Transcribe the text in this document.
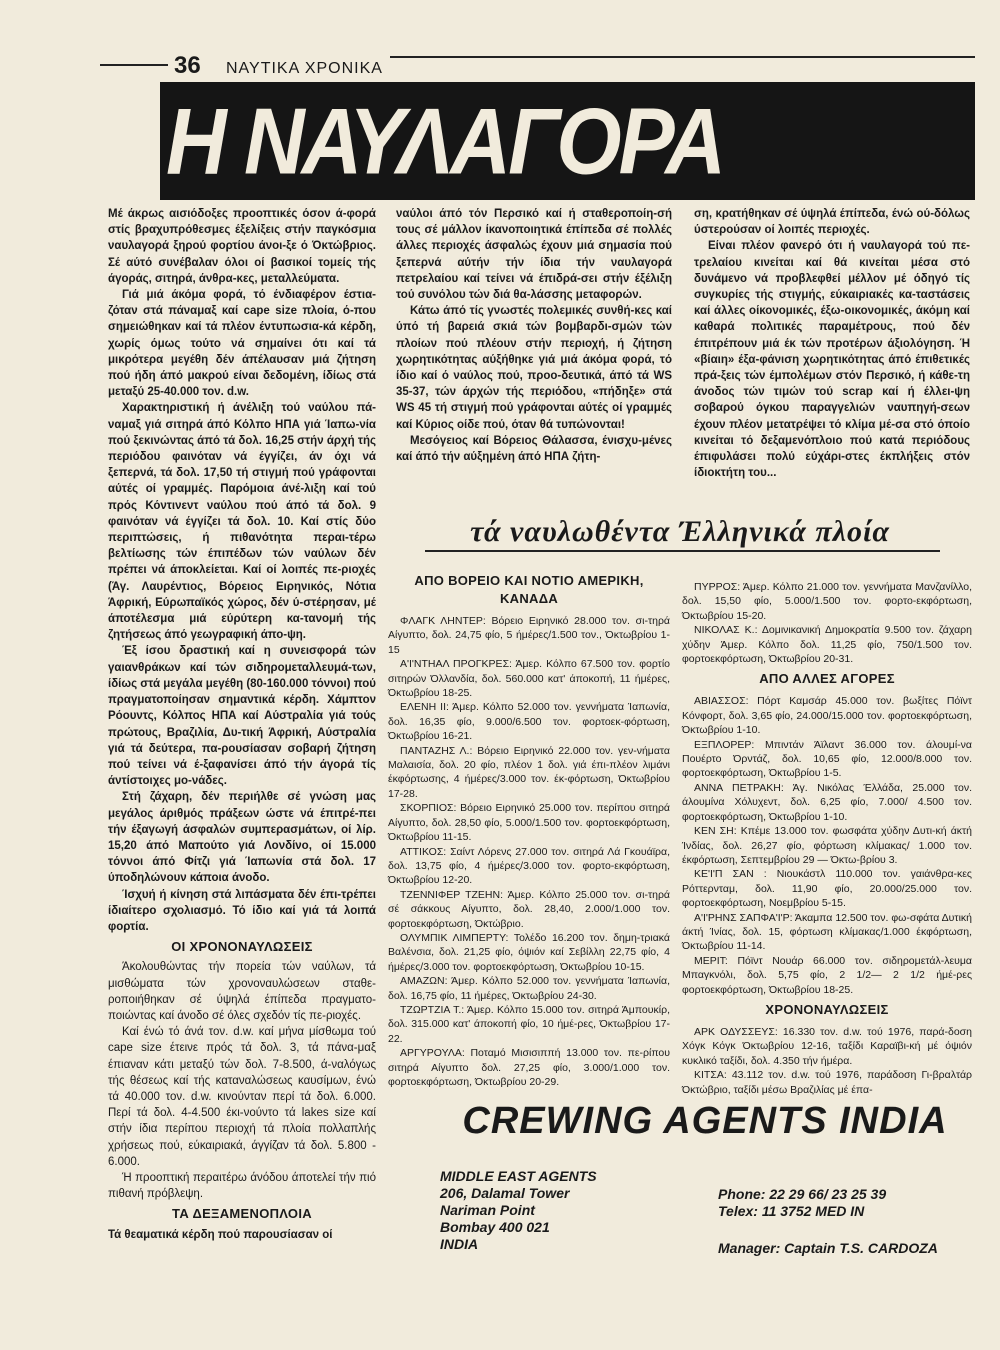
36 ΝΑΥΤΙΚΑ ΧΡΟΝΙΚΑ
Η ΝΑΥΛΑΓΟΡΑ

Μέ άκρως αισιόδοξες προοπτικές όσον ά-φορά στίς βραχυπρόθεσμες έξελίξεις στήν παγκόσμια ναυλαγορά ξηρού φορτίου άνοι-ξε ό Όκτώβριος. Σέ αύτό συνέβαλαν όλοι οί βασικοί τομείς τής άγοράς, σιτηρά, άνθρα-κες, μεταλλεύματα.

Γιά μιά άκόμα φορά, τό ένδιαφέρον έστια-ζόταν στά πάναμαξ καί cape size πλοία, ό-που σημειώθηκαν καί τά πλέον έντυπωσια-κά κέρδη, χωρίς όμως τούτο νά σημαίνει ότι καί τά μικρότερα μεγέθη δέν άπέλαυσαν μιά ζήτηση πού ήδη άπό μακρού είναι δεδομένη, ίδίως στά μεταξύ 25-40.000 τον. d.w.

Χαρακτηριστική ή άνέλιξη τού ναύλου πά-ναμαξ γιά σιτηρά άπό Κόλπο ΗΠΑ γιά Ίαπω-νία πού ξεκινώντας άπό τά δολ. 16,25 στήν άρχή τής περιόδου φαινόταν νά έγγίζει, άν όχι νά ξεπερνά, τά δολ. 17,50 τή στιγμή πού γράφονται αύτές οί γραμμές. Παρόμοια άνέ-λιξη καί τού πρός Κόντινεντ ναύλου πού άπό τά δολ. 9 φαινόταν νά έγγίζει τά δολ. 10. Καί στίς δύο περιπτώσεις, ή πιθανότητα περαι-τέρω βελτίωσης τών έπιπέδων τών ναύλων δέν πρέπει νά άποκλείεται. Καί οί λοιπές πε-ριοχές (Άγ. Λαυρέντιος, Βόρειος Ειρηνικός, Νότια Άφρική, Εύρωπαϊκός χώρος, δέν ύ-στέρησαν, μέ άποτέλεσμα μιά εύρύτερη κα-τανομή τής ζητήσεως άπό γεωγραφική άπο-ψη.

Έξ ίσου δραστική καί η συνεισφορά τών γαιανθράκων καί τών σιδηρομεταλλευμά-των, ίδίως στά μεγάλα μεγέθη (80-160.000 τόννοι) πού πραγματοποίησαν σημαντικά κέρδη. Χάμπτον Ρόουντς, Κόλπος ΗΠΑ καί Αύστραλία γιά τούς πρώτους, Βραζιλία, Δυ-τική Άφρική, Αύστραλία γιά τά δεύτερα, πα-ρουσίασαν σοβαρή ζήτηση πού τείνει νά έ-ξαφανίσει άπό τήν άγορά τίς άντίστοιχες μο-νάδες.

Στή ζάχαρη, δέν περιήλθε σέ γνώση μας μεγάλος άριθμός πράξεων ώστε νά έπιτρέ-πει τήν έξαγωγή άσφαλών συμπερασμάτων, οί λίρ. 15,20 άπό Μαπούτο γιά Λονδίνο, οί 15.000 τόννοι άπό Φίτζι γιά Ίαπωνία στά δολ. 17 ύποδηλώνουν κάποια άνοδο.

Ίσχυή ή κίνηση στά λιπάσματα δέν έπι-τρέπει ίδιαίτερο σχολιασμό. Τό ίδιο καί γιά τά λοιπά φορτία.

ΟΙ ΧΡΟΝΟΝΑΥΛΩΣΕΙΣ

Άκολουθώντας τήν πορεία τών ναύλων, τά μισθώματα τών χρονοναυλώσεων σταθε-ροποιήθηκαν σέ ύψηλά έπίπεδα πραγματο-ποιώντας καί άνοδο σέ όλες σχεδόν τίς πε-ριοχές.

Καί ένώ τό άνά τον. d.w. καί μήνα μίσθωμα τού cape size έτεινε πρός τά δολ. 3, τά πάνα-μαξ έπιαναν κάτι μεταξύ τών δολ. 7-8.500, ά-ναλόγως τής θέσεως καί τής καταναλώσεως καυσίμων, ένώ τά 40.000 τον. d.w. κινούνταν περί τά δολ. 6.000. Περί τά δολ. 4-4.500 έκι-νούντο τά lakes size καί στήν ίδια περίπου περιοχή τά πλοία πολλαπλής χρήσεως πού, εύκαιριακά, άγγίζαν τά δολ. 5.800 - 6.000.

Ή προοπτική περαιτέρω άνόδου άποτελεί τήν πιό πιθανή πρόβλεψη.

ΤΑ ΔΕΞΑΜΕΝΟΠΛΟΙΑ

Τά θεαματικά κέρδη πού παρουσίασαν οί

ναύλοι άπό τόν Περσικό καί ή σταθεροποίη-σή τους σέ μάλλον ίκανοποιητικά έπίπεδα σέ πολλές άλλες περιοχές άσφαλώς έχουν μιά σημασία πού ξεπερνά αύτήν τήν ίδια τήν ναυλαγορά πετρελαίου καί τείνει νά έπιδρά-σει στήν έξέλιξη τού συνόλου τών διά θα-λάσσης μεταφορών.

Κάτω άπό τίς γνωστές πολεμικές συνθή-κες καί ύπό τή βαρειά σκιά τών βομβαρδι-σμών τών πλοίων πού πλέουν στήν περιοχή, ή ζήτηση χωρητικότητας αύξήθηκε γιά μιά άκόμα φορά, τό ίδιο καί ό ναύλος πού, προο-δευτικά, άπό τά WS 35-37, τών άρχών τής περιόδου, «πήδηξε» στά WS 45 τή στιγμή πού γράφονται αύτές οί γραμμές καί Κύριος οίδε πού, όταν θά τυπώνονται!

Μεσόγειος καί Βόρειος Θάλασσα, ένισχυ-μένες καί άπό τήν αύξημένη άπό ΗΠΑ ζήτη-

ση, κρατήθηκαν σέ ύψηλά έπίπεδα, ένώ ού-δόλως ύστερούσαν οί λοιπές περιοχές.

Είναι πλέον φανερό ότι ή ναυλαγορά τού πε-τρελαίου κινείται καί θά κινείται μέσα στό δυνάμενο νά προβλεφθεί μέλλον μέ όδηγό τίς συγκυρίες τής στιγμής, εύκαιριακές κα-ταστάσεις καί άλλες οίκονομικές, έξω-οικονομικές, άκόμη καί καθαρά πολιτικές παραμέτρους, πού δέν έπιτρέπουν μιά έκ τών προτέρων άξιολόγηση. Ή «βίαιη» έξα-φάνιση χωρητικότητας άπό έπιθετικές πρά-ξεις τών έμπολέμων στόν Περσικό, ή κάθε-τη άνοδος τών τιμών τού scrap καί ή έλλει-ψη σοβαρού όγκου παραγγελιών ναυπηγή-σεων έχουν πλέον μετατρέψει τό κλίμα μέ-σα στό όποίο κινείται τό δεξαμενόπλοιο πού κατά περιόδους έπιφυλάσει πολύ εύχάρι-στες έκπλήξεις στόν ίδιοκτήτη του...

τά ναυλωθέντα Έλληνικά πλοία
ΑΠΟ ΒΟΡΕΙΟ ΚΑΙ ΝΟΤΙΟ ΑΜΕΡΙΚΗ, ΚΑΝΑΔΑ

ΦΛΑΓΚ ΛΗΝΤΕΡ: Βόρειο Ειρηνικό 28.000 τον. σι-τηρά Αίγυπτο, δολ. 24,75 φίο, 5 ήμέρες/1.500 τον., Όκτωβρίου 1-15

Α'Ι'ΝΤΗΑΛ ΠΡΟΓΚΡΕΣ: Άμερ. Κόλπο 67.500 τον. φορτίο σιτηρών Όλλανδία, δολ. 560.000 κατ' άποκοπή, 11 ήμέρες, Όκτωβρίου 18-25.

ΕΛΕΝΗ ΙΙ: Άμερ. Κόλπο 52.000 τον. γεννήματα Ίαπωνία, δολ. 16,35 φίο, 9.000/6.500 τον. φορτοεκ-φόρτωση, Όκτωβρίου 16-21.

ΠΑΝΤΑΖΗΣ Λ.: Βόρειο Ειρηνικό 22.000 τον. γεν-νήματα Μαλαισία, δολ. 20 φίο, πλέον 1 δολ. γιά έπι-πλέον λιμάνι έκφόρτωσης, 4 ήμέρες/3.000 τον. έκ-φόρτωση, Όκτωβρίου 17-28.

ΣΚΟΡΠΙΟΣ: Βόρειο Ειρηνικό 25.000 τον. περίπου σιτηρά Αίγυπτο, δολ. 28,50 φίο, 5.000/1.500 τον. φορτοεκφόρτωση, Όκτωβρίου 11-15.

ΑΤΤΙΚΟΣ: Σαίντ Λόρενς 27.000 τον. σιτηρά Λά Γκουάϊρα, δολ. 13,75 φίο, 4 ήμέρες/3.000 τον. φορτο-εκφόρτωση, Όκτωβρίου 12-20.

ΤΖΕΝΝΙΦΕΡ ΤΖΕΗΝ: Άμερ. Κόλπο 25.000 τον. σι-τηρά σέ σάκκους Αίγυπτο, δολ. 28,40, 2.000/1.000 τον. φορτοεκφόρτωση, Όκτώβριο.

ΟΛΥΜΠΙΚ ΛΙΜΠΕΡΤΥ: Τολέδο 16.200 τον. δημη-τριακά Βαλένσια, δολ. 21,25 φίο, όψιόν καί Σεβίλλη 22,75 φίο, 4 ήμέρες/3.000 τον. φορτοεκφόρτωση, Όκτωβρίου 10-15.

ΑΜΑΖΩΝ: Άμερ. Κόλπο 52.000 τον. γεννήματα Ίαπωνία, δολ. 16,75 φίο, 11 ήμέρες, Όκτωβρίου 24-30.

ΤΖΩΡΤΖΙΑ Τ.: Άμερ. Κόλπο 15.000 τον. σιτηρά Άμπουκίρ, δολ. 315.000 κατ' άποκοπή φίο, 10 ήμέ-ρες, Όκτωβρίου 17-22.

ΑΡΓΥΡΟΥΛΑ: Ποταμό Μισισιππή 13.000 τον. πε-ρίπου σιτηρά Αίγυπτο δολ. 27,25 φίο, 3.000/1.000 τον. φορτοεκφόρτωση, Όκτωβρίου 20-29.

ΠΥΡΡΟΣ: Άμερ. Κόλπο 21.000 τον. γεννήματα Μανζανίλλο, δολ. 15,50 φίο, 5.000/1.500 τον. φορτο-εκφόρτωση, Όκτωβρίου 15-20.

ΝΙΚΟΛΑΣ Κ.: Δομινικανική Δημοκρατία 9.500 τον. ζάχαρη χύδην Άμερ. Κόλπο δολ. 11,25 φίο, 750/1.500 τον. φορτοεκφόρτωση, Όκτωβρίου 20-31.

ΑΠΟ ΑΛΛΕΣ ΑΓΟΡΕΣ

ΑΒΙΑΣΣΟΣ: Πόρτ Καμσάρ 45.000 τον. βωξίτες Πόϊντ Κόνφορτ, δολ. 3,65 φίο, 24.000/15.000 τον. φορτοεκφόρτωση, Όκτωβρίου 1-10.

ΕΞΠΛΟΡΕΡ: Μπιντάν Άϊλαντ 36.000 τον. άλουμί-να Πουέρτο Όρντάζ, δολ. 10,65 φίο, 12.000/8.000 τον. φορτοεκφόρτωση, Όκτωβρίου 1-5.

ΑΝΝΑ ΠΕΤΡΑΚΗ: Άγ. Νικόλας Έλλάδα, 25.000 τον. άλουμίνα Χόλυχεντ, δολ. 6,25 φίο, 7.000/ 4.500 τον. φορτοεκφόρτωση, Όκτωβρίου 1-10.

ΚΕΝ ΣΗ: Κπέμε 13.000 τον. φωσφάτα χύδην Δυτι-κή άκτή Ίνδίας, δολ. 26,27 φίο, φόρτωση κλίμακας/ 1.000 τον. έκφόρτωση, Σεπτεμβρίου 29 — Όκτω-βρίου 3.

ΚΕ'Ι'Π ΣΑΝ : Νιουκάστλ 110.000 τον. γαιάνθρα-κες Ρόττερνταμ, δολ. 11,90 φίο, 20.000/25.000 τον. φορτοεκφόρτωση, Νοεμβρίου 5-15.

Α'Ι'ΡΗΝΣ ΣΑΠΦΑ'Ι'Ρ: Άκαμπα 12.500 τον. φω-σφάτα Δυτική άκτή Ίνίας, δολ. 15, φόρτωση κλίμακας/1.000 έκφόρτωση, Όκτωβρίου 11-14.

ΜΕΡΙΤ: Πόϊντ Νουάρ 66.000 τον. σιδηρομετάλ-λευμα Μπαγκνόλι, δολ. 5,75 φίο, 2 1/2— 2 1/2 ήμέ-ρες φορτοεκφόρτωση, Όκτωβρίου 18-25.

ΧΡΟΝΟΝΑΥΛΩΣΕΙΣ

ΑΡΚ ΟΔΥΣΣΕΥΣ: 16.330 τον. d.w. τού 1976, παρά-δοση Χόγκ Κόγκ Όκτωβρίου 12-16, ταξίδι Καραϊβι-κή μέ όψιόν κυκλικό ταξίδι, δολ. 4.350 τήν ήμέρα.

ΚΙΤΣΑ: 43.112 τον. d.w. τού 1976, παράδοση Γι-βραλτάρ Όκτώβριο, ταξίδι μέσω Βραζιλίας μέ έπα-

CREWING AGENTS INDIA
MIDDLE EAST AGENTS
206, Dalamal Tower
Nariman Point
Bombay 400 021
INDIA
Phone: 22 29 66/ 23 25 39
Telex: 11 3752 MED IN
Manager: Captain T.S. CARDOZA
